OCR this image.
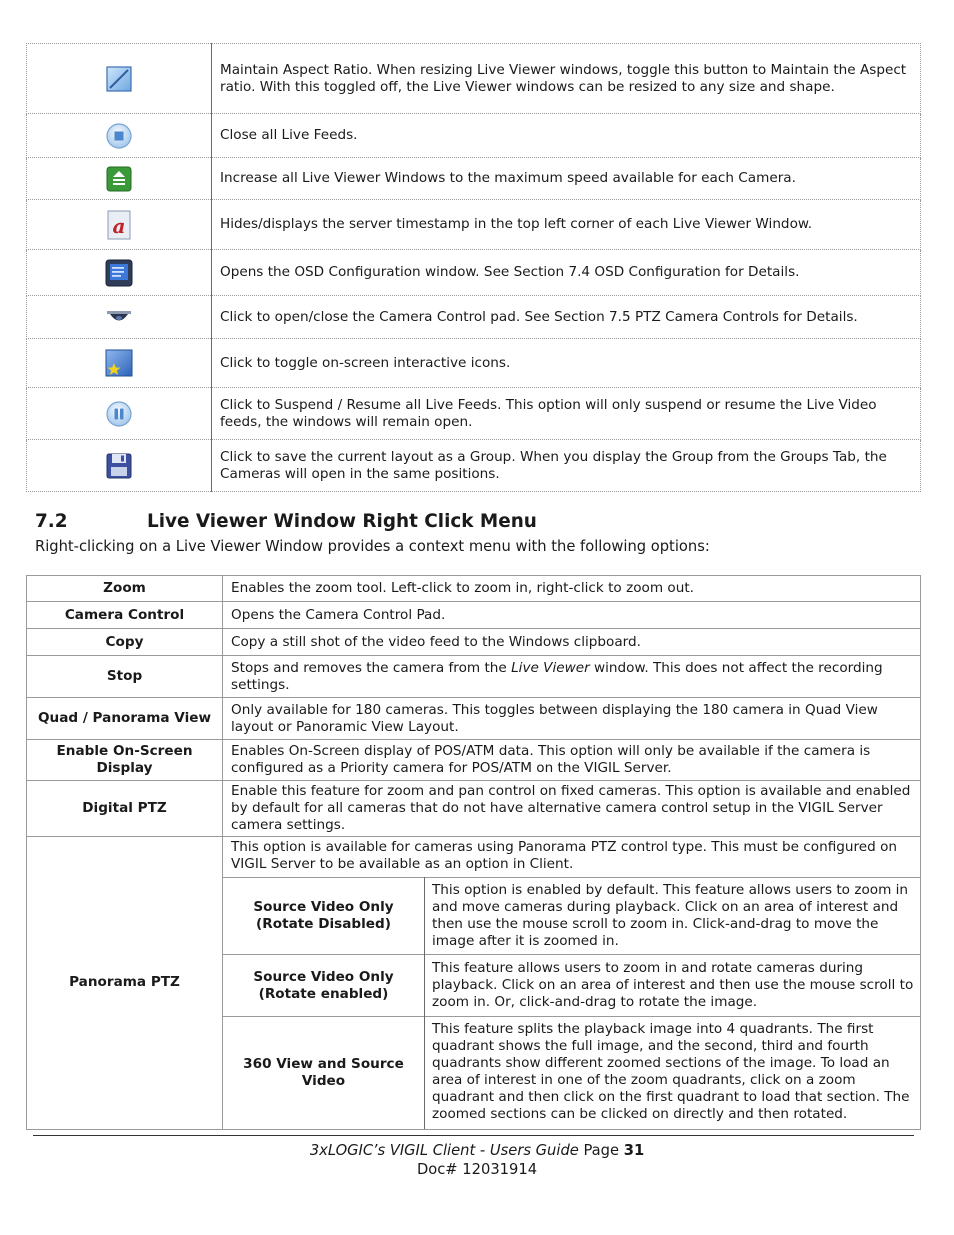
	Maintain Aspect Ratio. When resizing Live Viewer windows, toggle this button to Maintain the Aspect ratio. With this toggled off, the Live Viewer windows can be resized to any size and shape.
	Close all Live Feeds.
	Increase all Live Viewer Windows to the maximum speed available for each Camera.

a	Hides/displays the server timestamp in the top left corner of each Live Viewer Window.
	Opens the OSD Configuration window. See Section 7.4 OSD Configuration for Details.
	Click to open/close the Camera Control pad. See Section 7.5 PTZ Camera Controls for Details.
	Click to toggle on-screen interactive icons.
	Click to Suspend / Resume all Live Feeds. This option will only suspend or resume the Live Video feeds, the windows will remain open.
	Click to save the current layout as a Group. When you display the Group from the Groups Tab, the Cameras will open in the same positions.
7.2	Live Viewer Window Right Click Menu
Right-clicking on a Live Viewer Window provides a context menu with the following options:
Zoom	Enables the zoom tool. Left-click to zoom in, right-click to zoom out.
Camera Control	Opens the Camera Control Pad.
Copy	Copy a still shot of the video feed to the Windows clipboard.
Stop	Stops and removes the camera from the Live Viewer window. This does not affect the recording settings.
Quad / Panorama View	Only available for 180 cameras. This toggles between displaying the 180 camera in Quad View layout or Panoramic View Layout.
Enable On-Screen Display	Enables On-Screen display of POS/ATM data. This option will only be available if the camera is configured as a Priority camera for POS/ATM on the VIGIL Server.
Digital PTZ	Enable this feature for zoom and pan control on fixed cameras. This option is available and enabled by default for all cameras that do not have alternative camera control setup in the VIGIL Server camera settings.
Panorama PTZ	
This option is available for cameras using Panorama PTZ control type. This must be configured on VIGIL Server to be available as an option in Client.
Source Video Only (Rotate Disabled)	This option is enabled by default. This feature allows users to zoom in and move cameras during playback. Click on an area of interest and then use the mouse scroll to zoom in. Click-and-drag to move the image after it is zoomed in.
Source Video Only (Rotate enabled)	This feature allows users to zoom in and rotate cameras during playback. Click on an area of interest and then use the mouse scroll to zoom in. Or, click-and-drag to rotate the image.
360 View and Source Video	This feature splits the playback image into 4 quadrants. The first quadrant shows the full image, and the second, third and fourth quadrants show different zoomed sections of the image. To load an area of interest in one of the zoom quadrants, click on a zoom quadrant and then click on the first quadrant to load that section. The zoomed sections can be clicked on directly and then rotated.
3xLOGIC’s VIGIL Client - Users Guide Page 31
Doc# 12031914
